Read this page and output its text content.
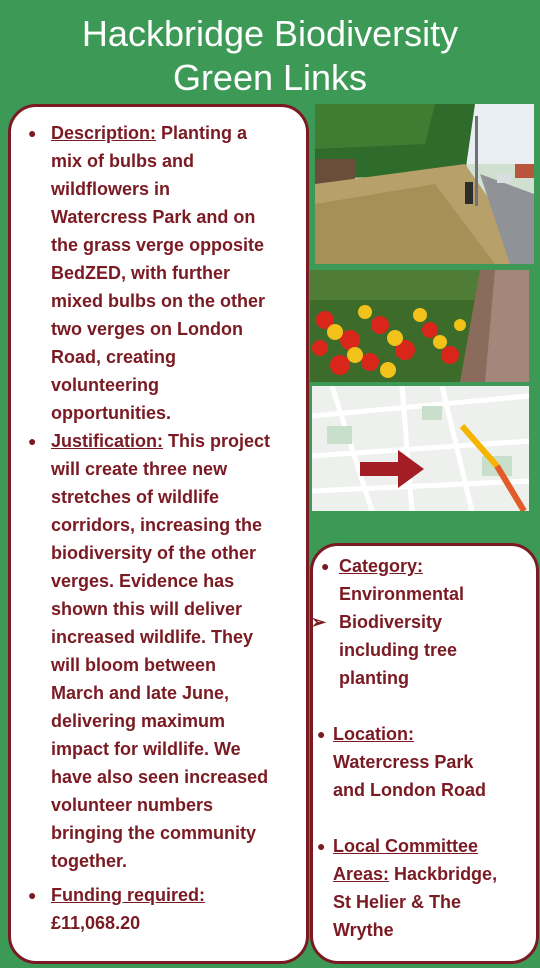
Hackbridge Biodiversity
Green Links
● Description: Planting a
mix of bulbs and
wildflowers in
Watercress Park and on
the grass verge opposite
BedZED, with further
mixed bulbs on the other
two verges on London
Road, creating
volunteering
opportunities.
● Justification: This project
will create three new
stretches of wildlife
corridors, increasing the
biodiversity of the other
verges. Evidence has
shown this will deliver
increased wildlife. They
will bloom between
March and late June,
delivering maximum
impact for wildlife. We
have also seen increased
volunteer numbers
bringing the community
together.
● Funding required:
£11,068.20
●
➢
Category:
Environmental
Biodiversity
including tree
planting
● Location:
Watercress Park
and London Road
● Local Committee
Areas: Hackbridge,
St Helier & The
Wrythe
